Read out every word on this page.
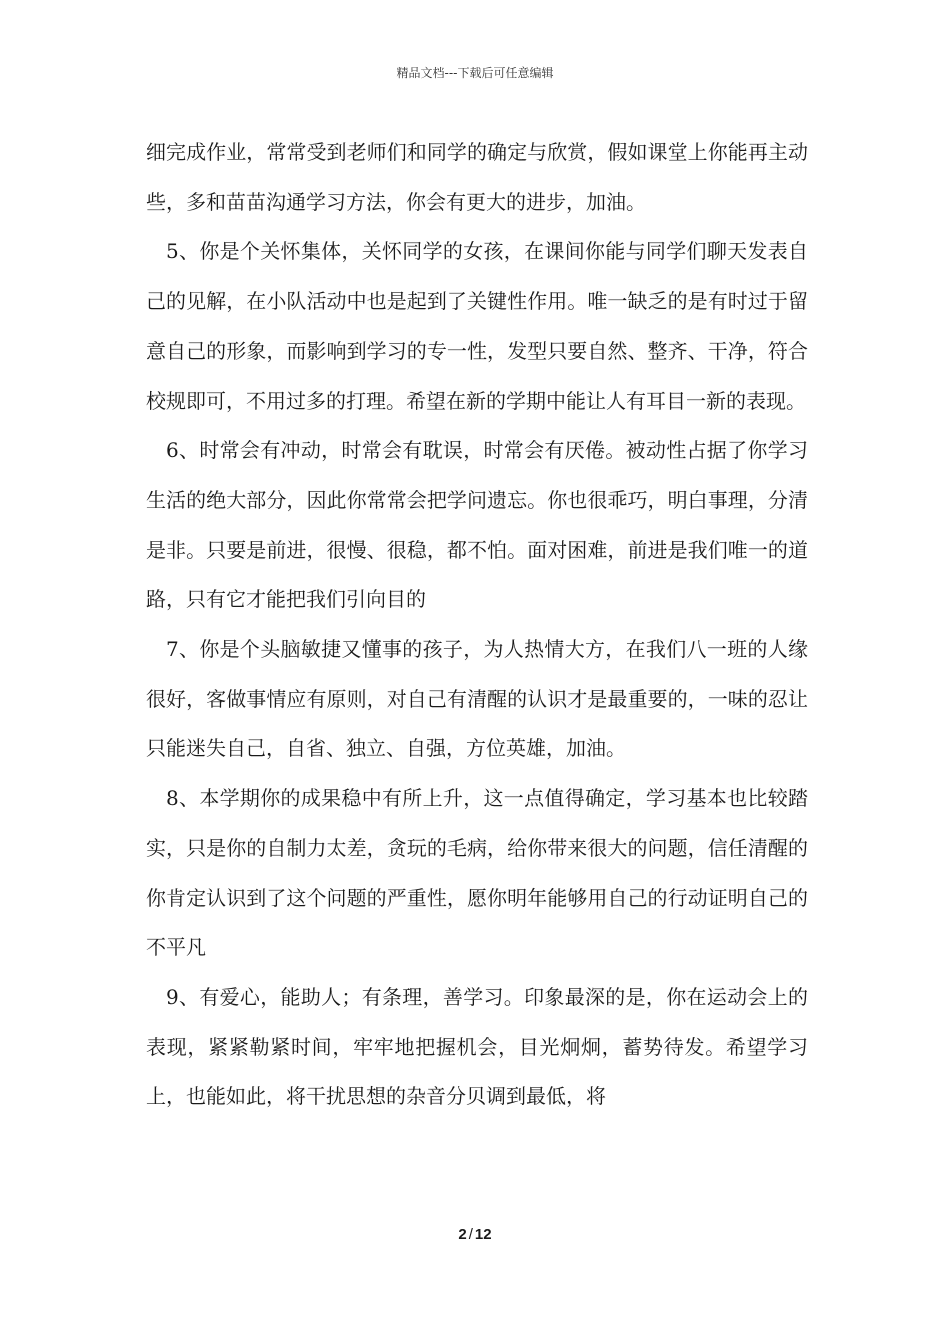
精品文档---下载后可任意编辑

细完成作业，常常受到老师们和同学的确定与欣赏，假如课堂上你能再主动些，多和苗苗沟通学习方法，你会有更大的进步，加油。

5、你是个关怀集体，关怀同学的女孩，在课间你能与同学们聊天发表自己的见解，在小队活动中也是起到了关键性作用。唯一缺乏的是有时过于留意自己的形象，而影响到学习的专一性，发型只要自然、整齐、干净，符合校规即可，不用过多的打理。希望在新的学期中能让人有耳目一新的表现。

6、时常会有冲动，时常会有耽误，时常会有厌倦。被动性占据了你学习生活的绝大部分，因此你常常会把学问遗忘。你也很乖巧，明白事理，分清是非。只要是前进，很慢、很稳，都不怕。面对困难，前进是我们唯一的道路，只有它才能把我们引向目的

7、你是个头脑敏捷又懂事的孩子，为人热情大方，在我们八一班的人缘很好，客做事情应有原则，对自己有清醒的认识才是最重要的，一味的忍让只能迷失自己，自省、独立、自强，方位英雄，加油。

8、本学期你的成果稳中有所上升，这一点值得确定，学习基本也比较踏实，只是你的自制力太差，贪玩的毛病，给你带来很大的问题，信任清醒的你肯定认识到了这个问题的严重性，愿你明年能够用自己的行动证明自己的不平凡

9、有爱心，能助人；有条理，善学习。印象最深的是，你在运动会上的表现，紧紧勒紧时间，牢牢地把握机会，目光炯炯，蓄势待发。希望学习上，也能如此，将干扰思想的杂音分贝调到最低，将

2 / 12
